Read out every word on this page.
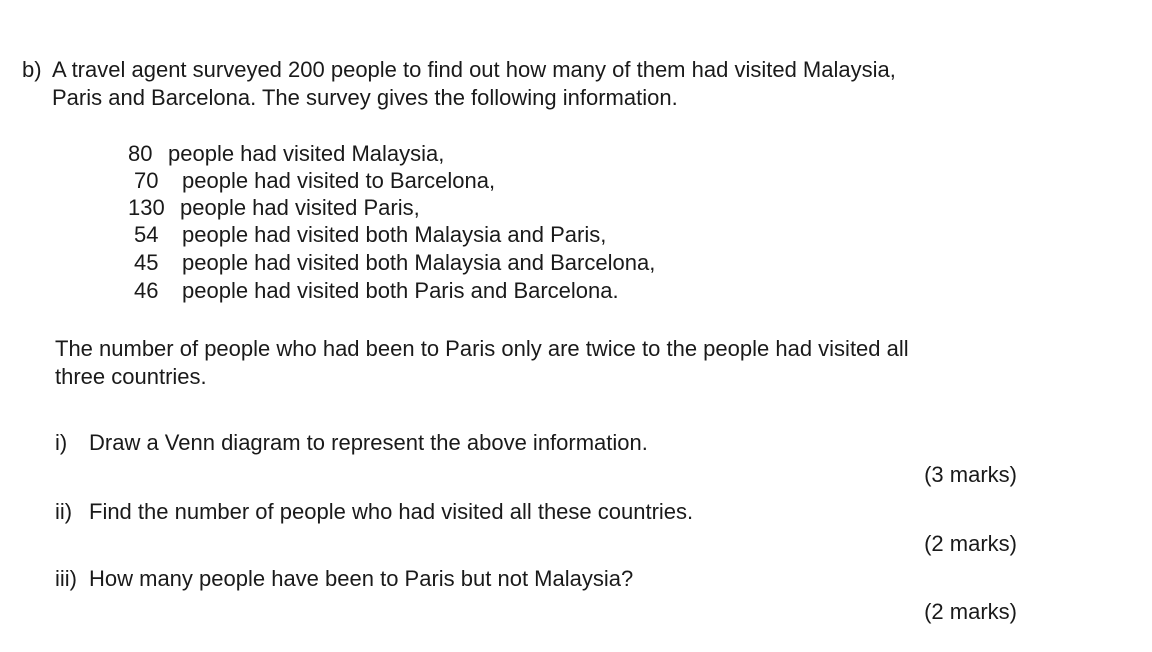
b) A travel agent surveyed 200 people to find out how many of them had visited Malaysia,
Paris and Barcelona. The survey gives the following information.
80 people had visited Malaysia,
70 people had visited to Barcelona,
130 people had visited Paris,
54 people had visited both Malaysia and Paris,
45 people had visited both Malaysia and Barcelona,
46 people had visited both Paris and Barcelona.
The number of people who had been to Paris only are twice to the people had visited all
three countries.
i) Draw a Venn diagram to represent the above information.
(3 marks)
ii) Find the number of people who had visited all these countries.
(2 marks)
iii) How many people have been to Paris but not Malaysia?
(2 marks)
